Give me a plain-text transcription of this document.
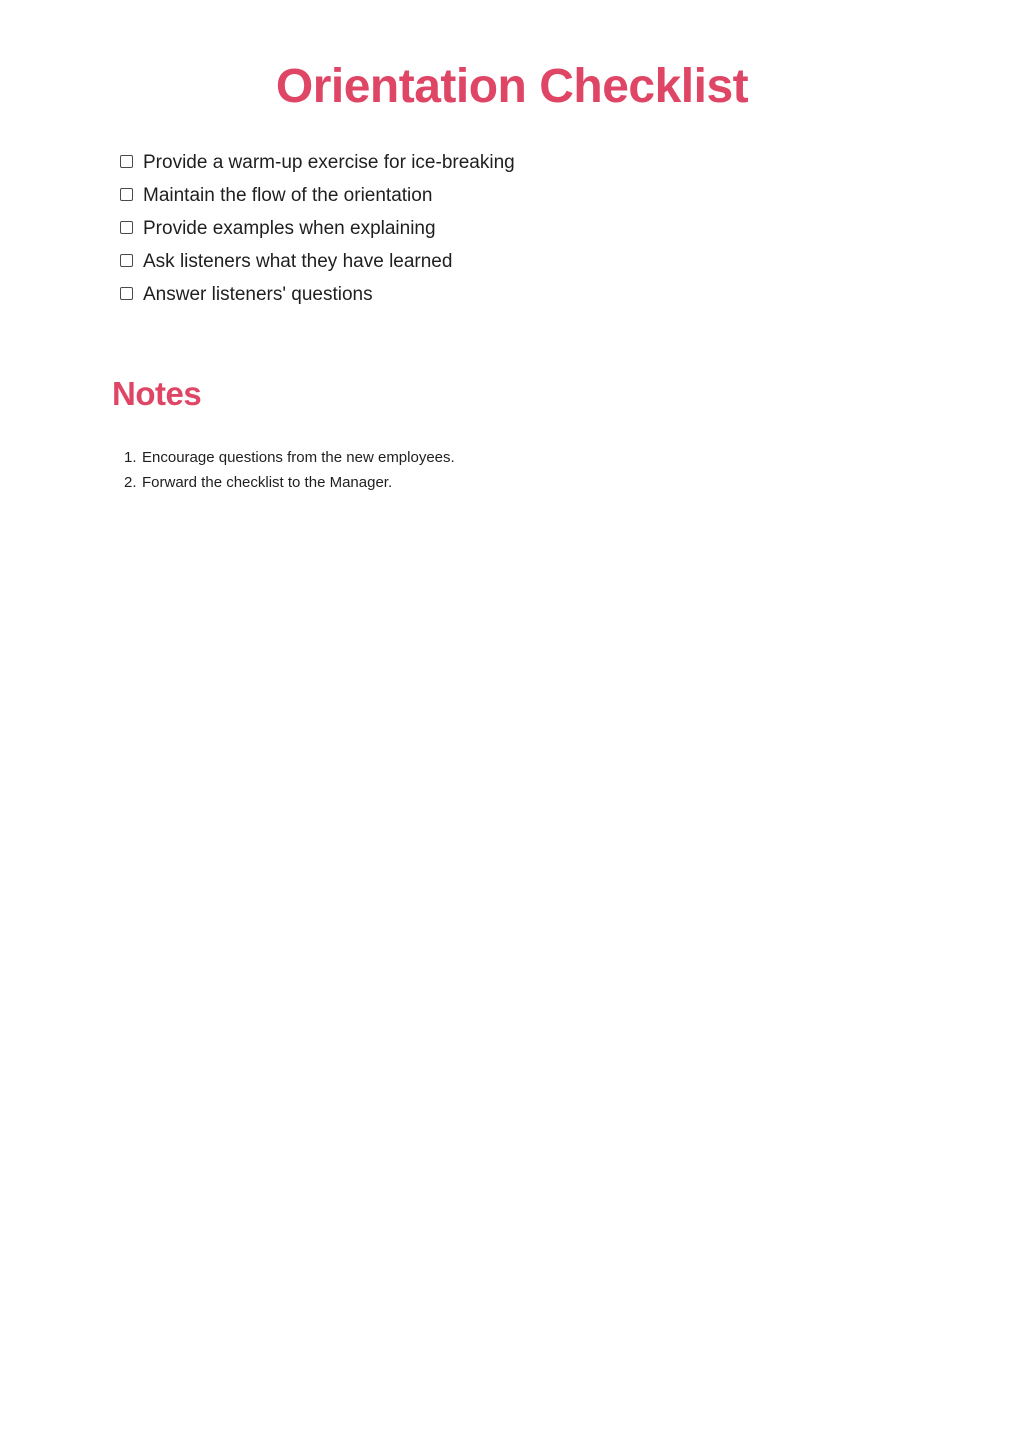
Orientation Checklist
Provide a warm-up exercise for ice-breaking
Maintain the flow of the orientation
Provide examples when explaining
Ask listeners what they have learned
Answer listeners' questions
Notes
1. Encourage questions from the new employees.
2. Forward the checklist to the Manager.
